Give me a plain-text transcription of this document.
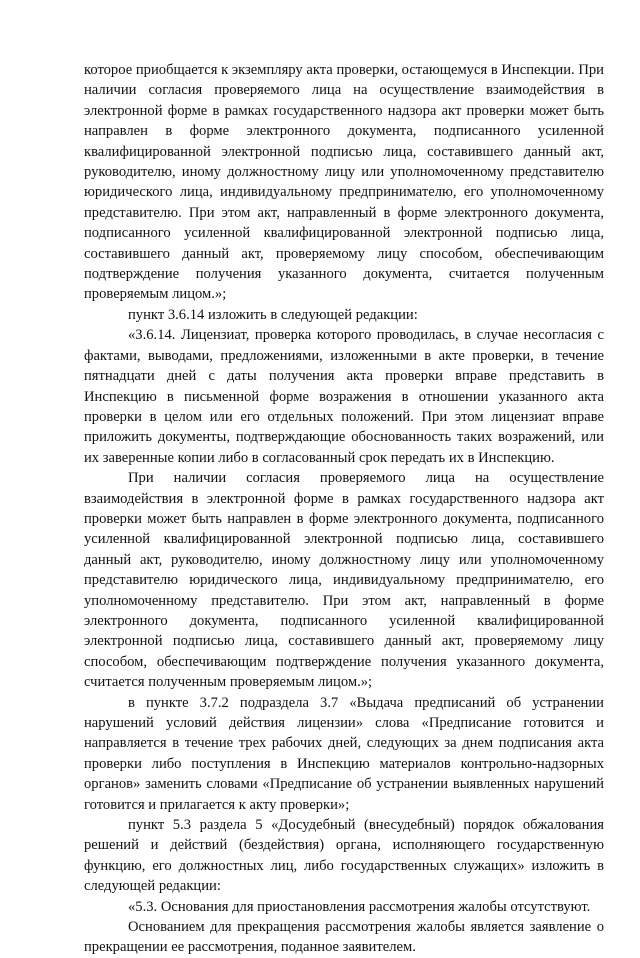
которое приобщается к экземпляру акта проверки, остающемуся в Инспекции. При наличии согласия проверяемого лица на осуществление взаимодействия в электронной форме в рамках государственного надзора акт проверки может быть направлен в форме электронного документа, подписанного усиленной квалифицированной электронной подписью лица, составившего данный акт, руководителю, иному должностному лицу или уполномоченному представителю юридического лица, индивидуальному предпринимателю, его уполномоченному представителю. При этом акт, направленный в форме электронного документа, подписанного усиленной квалифицированной электронной подписью лица, составившего данный акт, проверяемому лицу способом, обеспечивающим подтверждение получения указанного документа, считается полученным проверяемым лицом.»;

пункт 3.6.14 изложить в следующей редакции:

«3.6.14. Лицензиат, проверка которого проводилась, в случае несогласия с фактами, выводами, предложениями, изложенными в акте проверки, в течение пятнадцати дней с даты получения акта проверки вправе представить в Инспекцию в письменной форме возражения в отношении указанного акта проверки в целом или его отдельных положений. При этом лицензиат вправе приложить документы, подтверждающие обоснованность таких возражений, или их заверенные копии либо в согласованный срок передать их в Инспекцию.

При наличии согласия проверяемого лица на осуществление взаимодействия в электронной форме в рамках государственного надзора акт проверки может быть направлен в форме электронного документа, подписанного усиленной квалифицированной электронной подписью лица, составившего данный акт, руководителю, иному должностному лицу или уполномоченному представителю юридического лица, индивидуальному предпринимателю, его уполномоченному представителю. При этом акт, направленный в форме электронного документа, подписанного усиленной квалифицированной электронной подписью лица, составившего данный акт, проверяемому лицу способом, обеспечивающим подтверждение получения указанного документа, считается полученным проверяемым лицом.»;

в пункте 3.7.2 подраздела 3.7 «Выдача предписаний об устранении нарушений условий действия лицензии» слова «Предписание готовится и направляется в течение трех рабочих дней, следующих за днем подписания акта проверки либо поступления в Инспекцию материалов контрольно-надзорных органов» заменить словами «Предписание об устранении выявленных нарушений готовится и прилагается к акту проверки»;

пункт 5.3 раздела 5 «Досудебный (внесудебный) порядок обжалования решений и действий (бездействия) органа, исполняющего государственную функцию, его должностных лиц, либо государственных служащих» изложить в следующей редакции:

«5.3. Основания для приостановления рассмотрения жалобы отсутствуют.

Основанием для прекращения рассмотрения жалобы является заявление о прекращении ее рассмотрения, поданное заявителем.
